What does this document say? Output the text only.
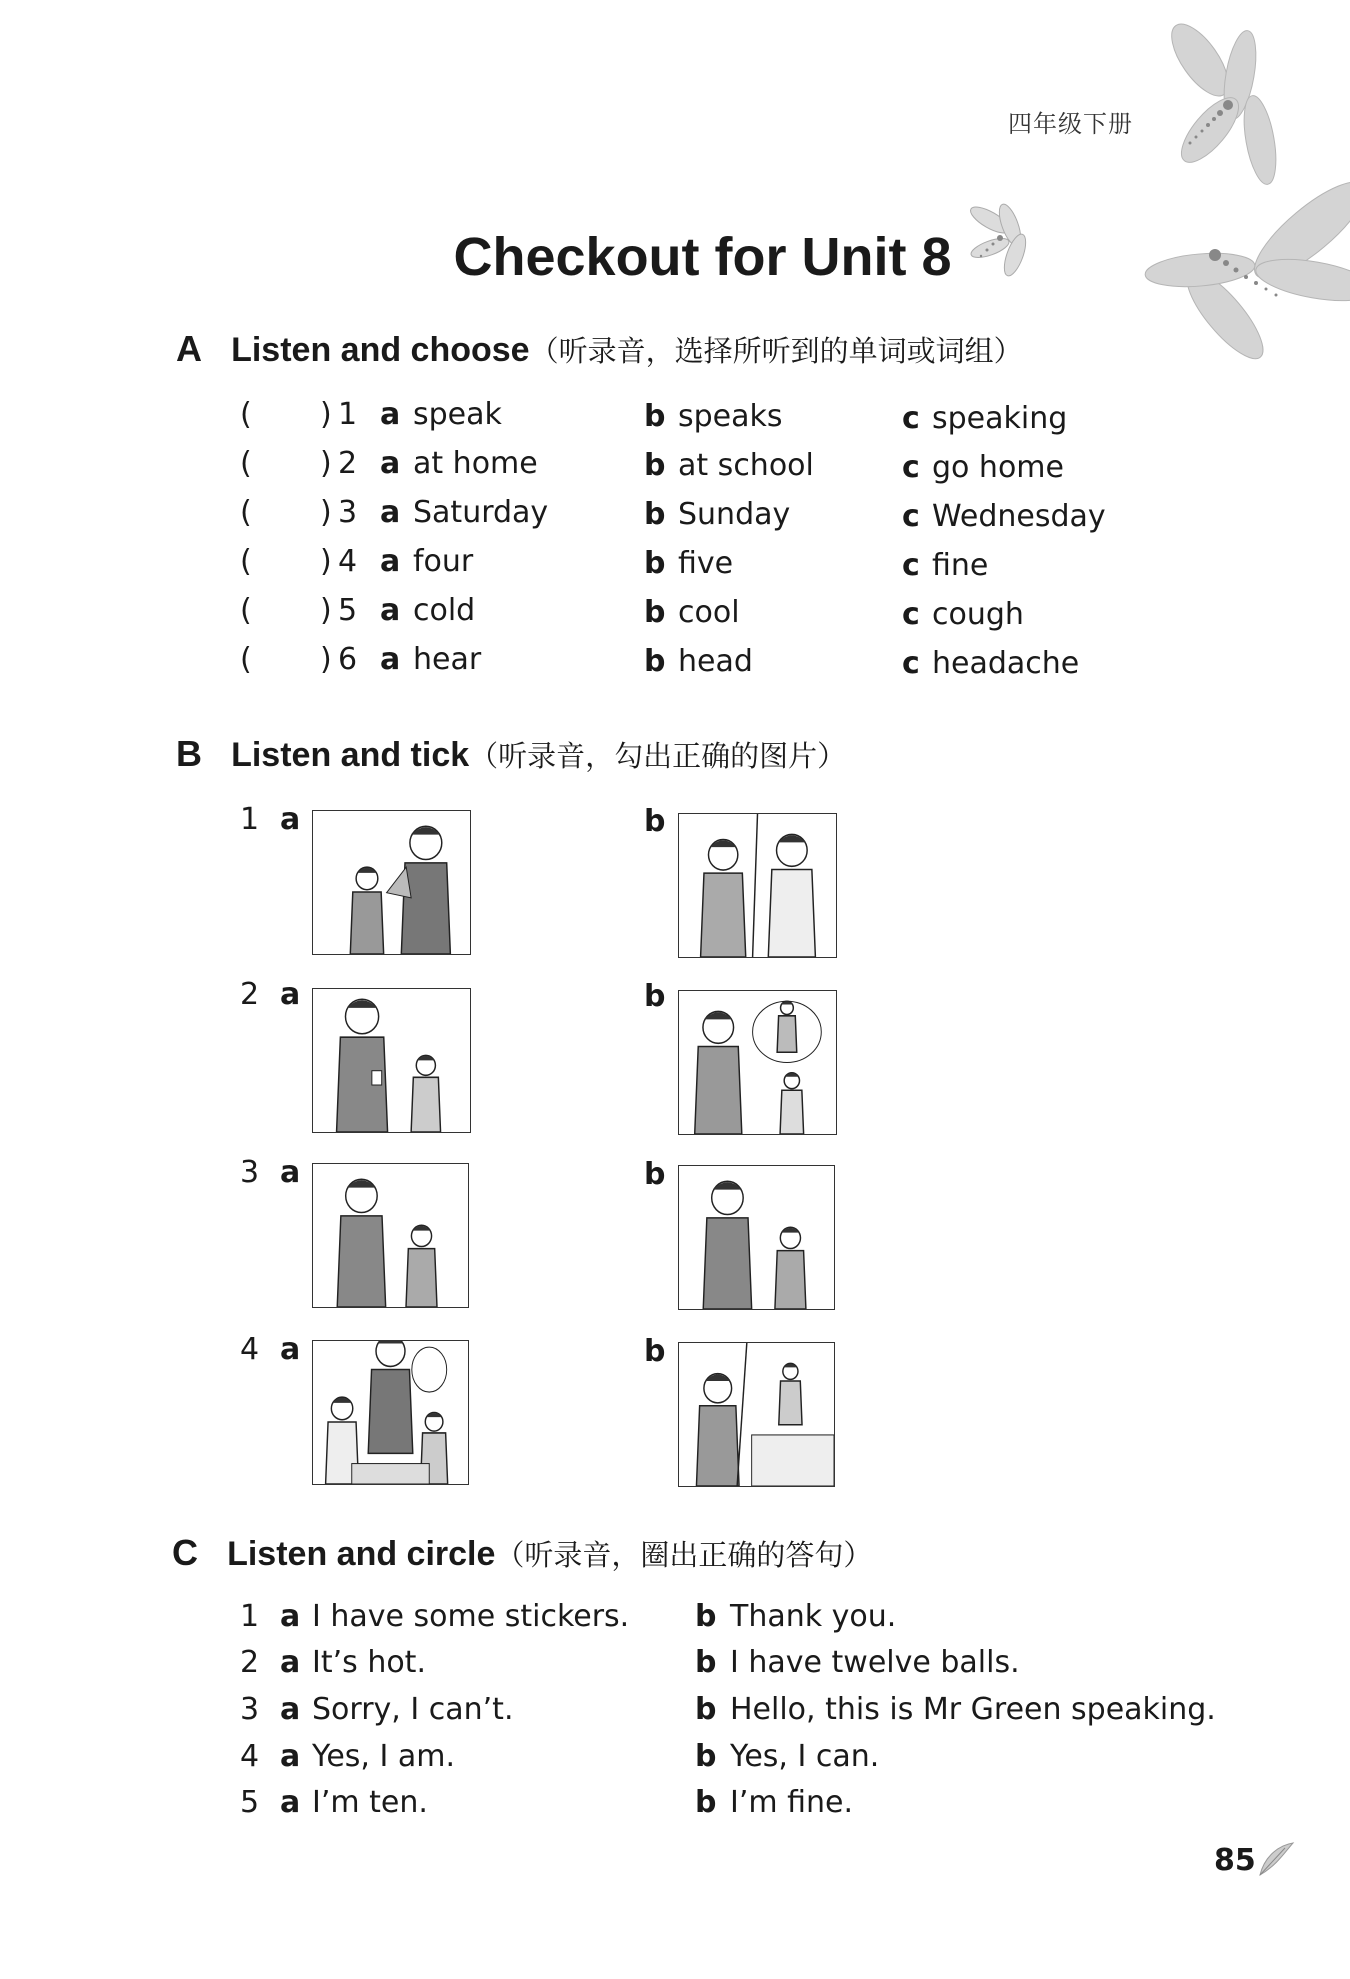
四年级下册
Checkout for Unit 8
A Listen and choose（听录音，选择所听到的单词或词组）
( ) 1 a speak	b speaks	c speaking
( ) 2 a at home	b at school	c go home
( ) 3 a Saturday	b Sunday	c Wednesday
( ) 4 a four	b five	c fine
( ) 5 a cold	b cool	c cough
( ) 6 a hear	b head	c headache
B Listen and tick（听录音，勾出正确的图片）
1 a	b
2 a	b
3 a	b
4 a	b
C Listen and circle（听录音，圈出正确的答句）
1 a I have some stickers. b Thank you.
2 a It’s hot.	b I have twelve balls.
3 a Sorry, I can’t.	b Hello, this is Mr Green speaking.
4 a Yes, I am.	b Yes, I can.
5 a I’m ten.	b I’m fine.
85
